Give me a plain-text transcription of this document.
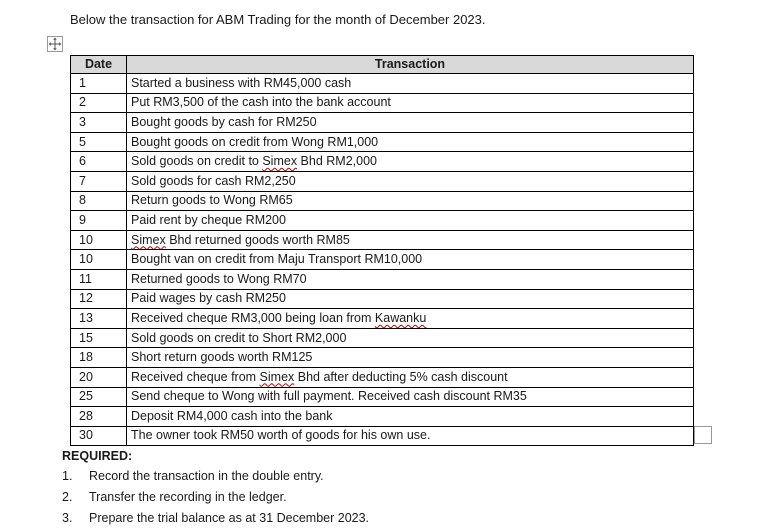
Below the transaction for ABM Trading for the month of December 2023.
Date	Transaction
1	Started a business with RM45,000 cash
2	Put RM3,500 of the cash into the bank account
3	Bought goods by cash for RM250
5	Bought goods on credit from Wong RM1,000
6	Sold goods on credit to Simex Bhd RM2,000
7	Sold goods for cash RM2,250
8	Return goods to Wong RM65
9	Paid rent by cheque RM200
10	Simex Bhd returned goods worth RM85
10	Bought van on credit from Maju Transport RM10,000
11	Returned goods to Wong RM70
12	Paid wages by cash RM250
13	Received cheque RM3,000 being loan from Kawanku
15	Sold goods on credit to Short RM2,000
18	Short return goods worth RM125
20	Received cheque from Simex Bhd after deducting 5% cash discount
25	Send cheque to Wong with full payment. Received cash discount RM35
28	Deposit RM4,000 cash into the bank
30	The owner took RM50 worth of goods for his own use.
REQUIRED:
1. Record the transaction in the double entry.
2. Transfer the recording in the ledger.
3. Prepare the trial balance as at 31 December 2023.
